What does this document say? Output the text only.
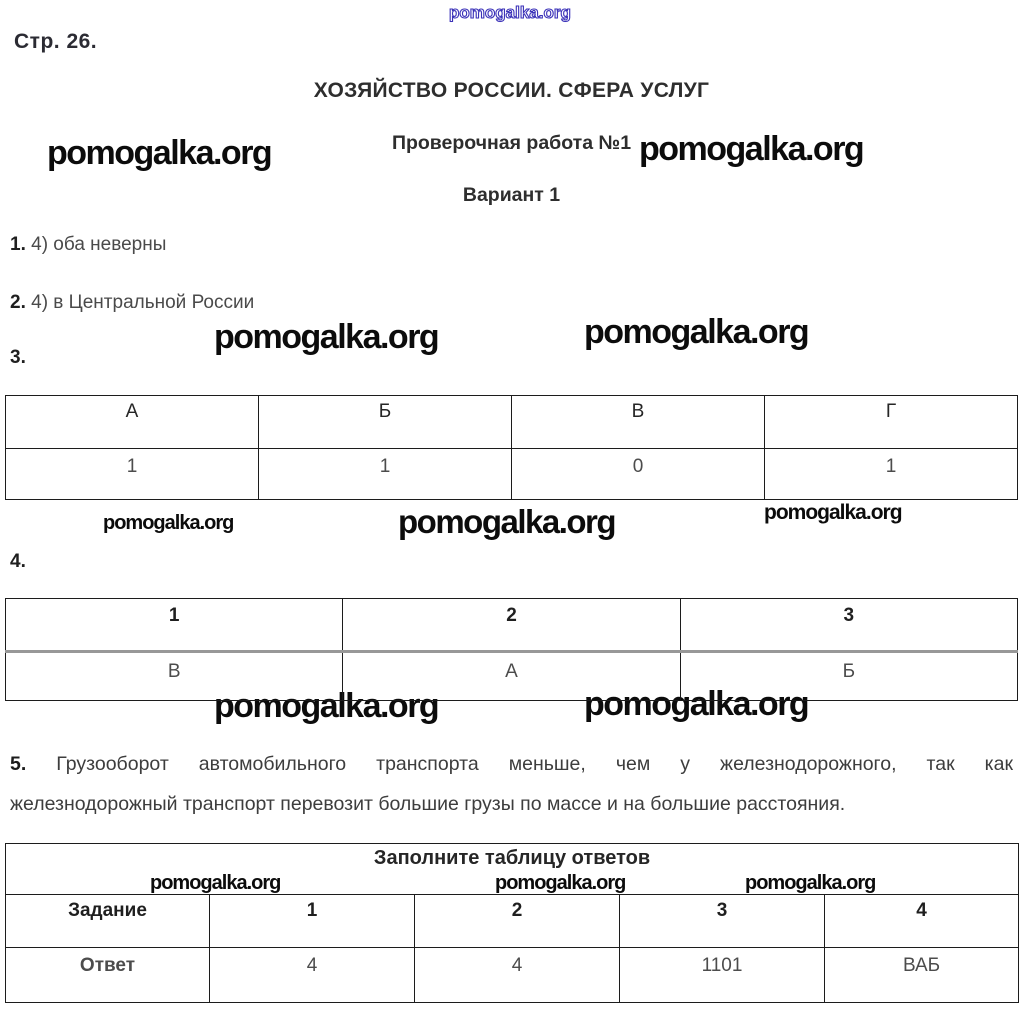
pomogalka.org
pomogalka.org	pomogalka.org
pomogalka.org	pomogalka.org
pomogalka.org	pomogalka.org	pomogalka.org
pomogalka.org	pomogalka.org
pomogalka.org	pomogalka.org	pomogalka.org
Стр. 26.
ХОЗЯЙСТВО РОССИИ. СФЕРА УСЛУГ
Проверочная работа №1
Вариант 1
1. 4) оба неверны
2. 4) в Центральной России
3.
А	Б	В	Г
1	1	0	1
4.
1	2	3
В	А	Б
5. Грузооборот автомобильного транспорта меньше, чем у железнодорожного, так как
железнодорожный транспорт перевозит большие грузы по массе и на большие расстояния.
Заполните таблицу ответов				
Задание	1	2	3	4
Ответ	4	4	1101	ВАБ
